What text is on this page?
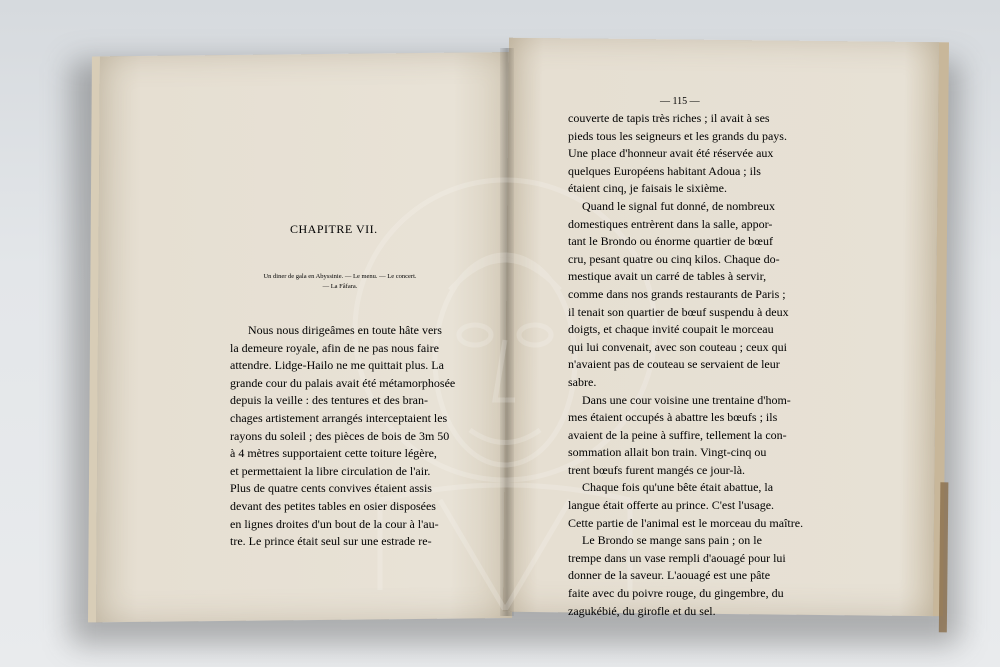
CHAPITRE VII.
Un diner de gala en Abyssinie. — Le menu. — Le concert. — La Fâfara.
Nous nous dirigeâmes en toute hâte vers
la demeure royale, afin de ne pas nous faire
attendre. Lidge-Hailo ne me quittait plus. La
grande cour du palais avait été métamorphosée
depuis la veille : des tentures et des bran-
chages artistement arrangés interceptaient les
rayons du soleil ; des pièces de bois de 3m 50
à 4 mètres supportaient cette toiture légère,
et permettaient la libre circulation de l'air.
Plus de quatre cents convives étaient assis
devant des petites tables en osier disposées
en lignes droites d'un bout de la cour à l'au-
tre. Le prince était seul sur une estrade re-
— 115 —
couverte de tapis très riches ; il avait à ses
pieds tous les seigneurs et les grands du pays.
Une place d'honneur avait été réservée aux
quelques Européens habitant Adoua ; ils
étaient cinq, je faisais le sixième.
Quand le signal fut donné, de nombreux
domestiques entrèrent dans la salle, appor-
tant le Brondo ou énorme quartier de bœuf
cru, pesant quatre ou cinq kilos. Chaque do-
mestique avait un carré de tables à servir,
comme dans nos grands restaurants de Paris ;
il tenait son quartier de bœuf suspendu à deux
doigts, et chaque invité coupait le morceau
qui lui convenait, avec son couteau ; ceux qui
n'avaient pas de couteau se servaient de leur
sabre.
Dans une cour voisine une trentaine d'hom-
mes étaient occupés à abattre les bœufs ; ils
avaient de la peine à suffire, tellement la con-
sommation allait bon train. Vingt-cinq ou
trent bœufs furent mangés ce jour-là.
Chaque fois qu'une bête était abattue, la
langue était offerte au prince. C'est l'usage.
Cette partie de l'animal est le morceau du maître.
Le Brondo se mange sans pain ; on le
trempe dans un vase rempli d'aouagé pour lui
donner de la saveur. L'aouagé est une pâte
faite avec du poivre rouge, du gingembre, du
zagukébié, du girofle et du sel.
